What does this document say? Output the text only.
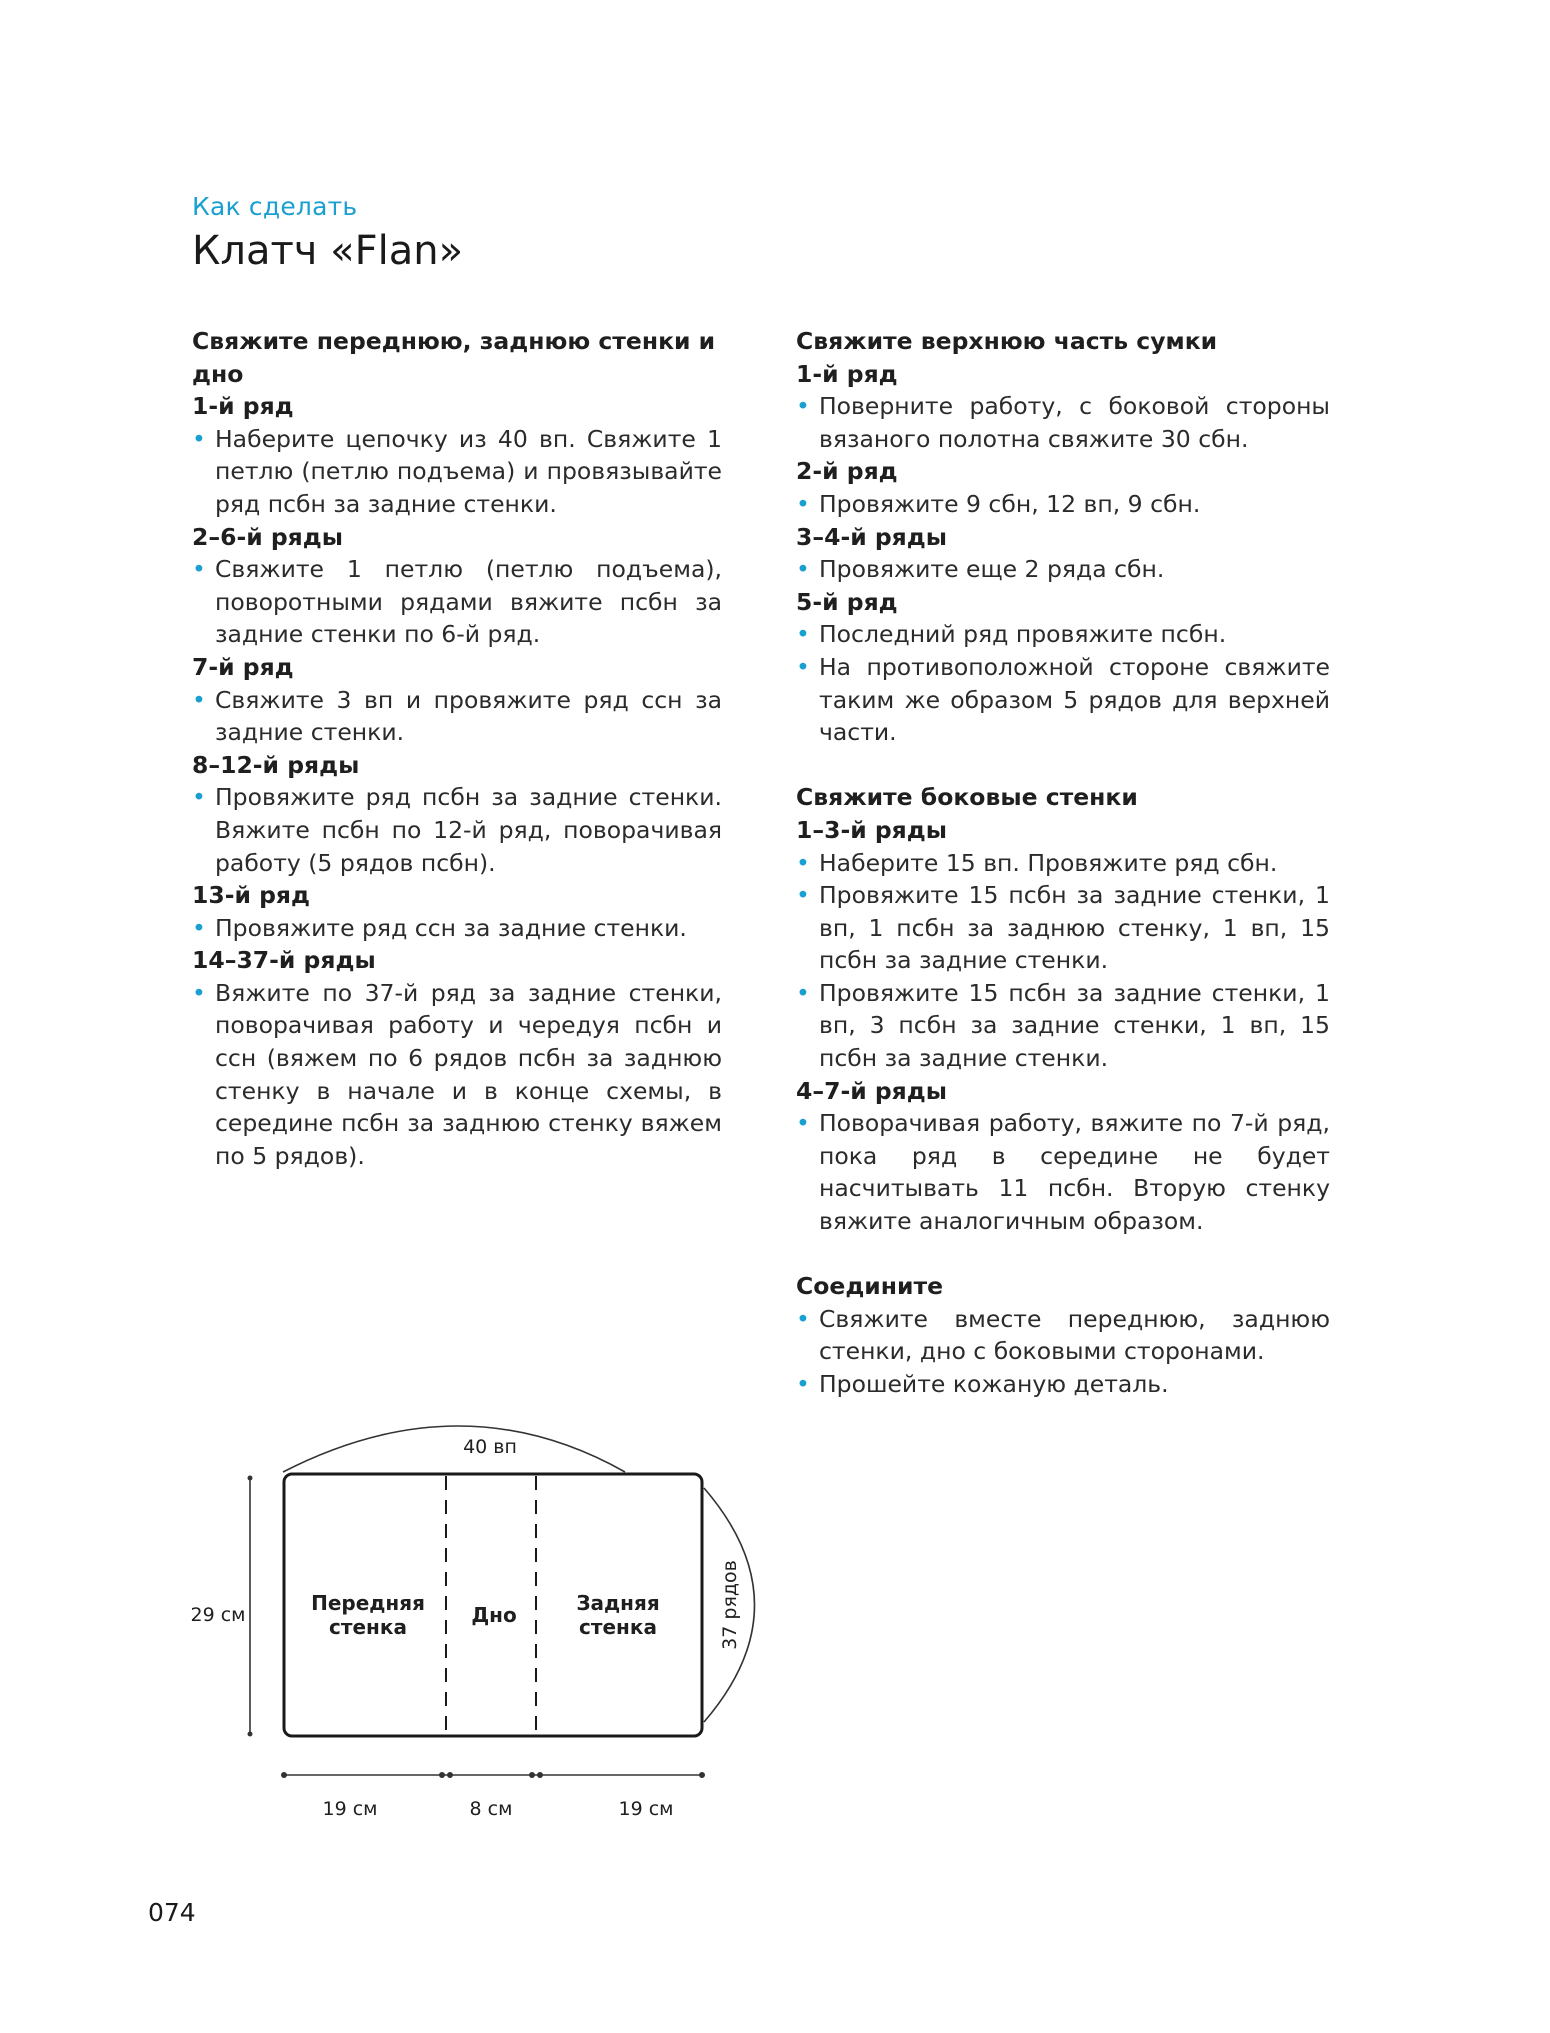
Как сделать
Клатч «Flan»
Свяжите переднюю, заднюю стенки и дно
1-й ряд
• Наберите цепочку из 40 вп. Свяжите 1 петлю (петлю подъема) и провязывайте ряд псбн за задние стенки.
2–6-й ряды
• Свяжите 1 петлю (петлю подъема), поворотными рядами вяжите псбн за задние стенки по 6-й ряд.
7-й ряд
• Свяжите 3 вп и провяжите ряд ссн за задние стенки.
8–12-й ряды
• Провяжите ряд псбн за задние стенки. Вяжите псбн по 12-й ряд, поворачивая работу (5 рядов псбн).
13-й ряд
• Провяжите ряд ссн за задние стенки.
14–37-й ряды
• Вяжите по 37-й ряд за задние стенки, поворачивая работу и чередуя псбн и ссн (вяжем по 6 рядов псбн за заднюю стенку в начале и в конце схемы, в середине псбн за заднюю стенку вяжем по 5 рядов).
Свяжите верхнюю часть сумки
1-й ряд
• Поверните работу, с боковой стороны вязаного полотна свяжите 30 сбн.
2-й ряд
• Провяжите 9 сбн, 12 вп, 9 сбн.
3–4-й ряды
• Провяжите еще 2 ряда сбн.
5-й ряд
• Последний ряд провяжите псбн.
• На противоположной стороне свяжите таким же образом 5 рядов для верхней части.
Свяжите боковые стенки
1–3-й ряды
• Наберите 15 вп. Провяжите ряд сбн.
• Провяжите 15 псбн за задние стенки, 1 вп, 1 псбн за заднюю стенку, 1 вп, 15 псбн за задние стенки.
• Провяжите 15 псбн за задние стенки, 1 вп, 3 псбн за задние стенки, 1 вп, 15 псбн за задние стенки.
4–7-й ряды
• Поворачивая работу, вяжите по 7-й ряд, пока ряд в середине не будет насчитывать 11 псбн. Вторую стенку вяжите аналогичным образом.
Соедините
• Свяжите вместе переднюю, заднюю стенки, дно с боковыми сторонами.
• Прошейте кожаную деталь.
40 вп
Передняя
стенка	Дно	Задняя
стенка
29 см	37 рядов
19 см	8 см	19 см
074
